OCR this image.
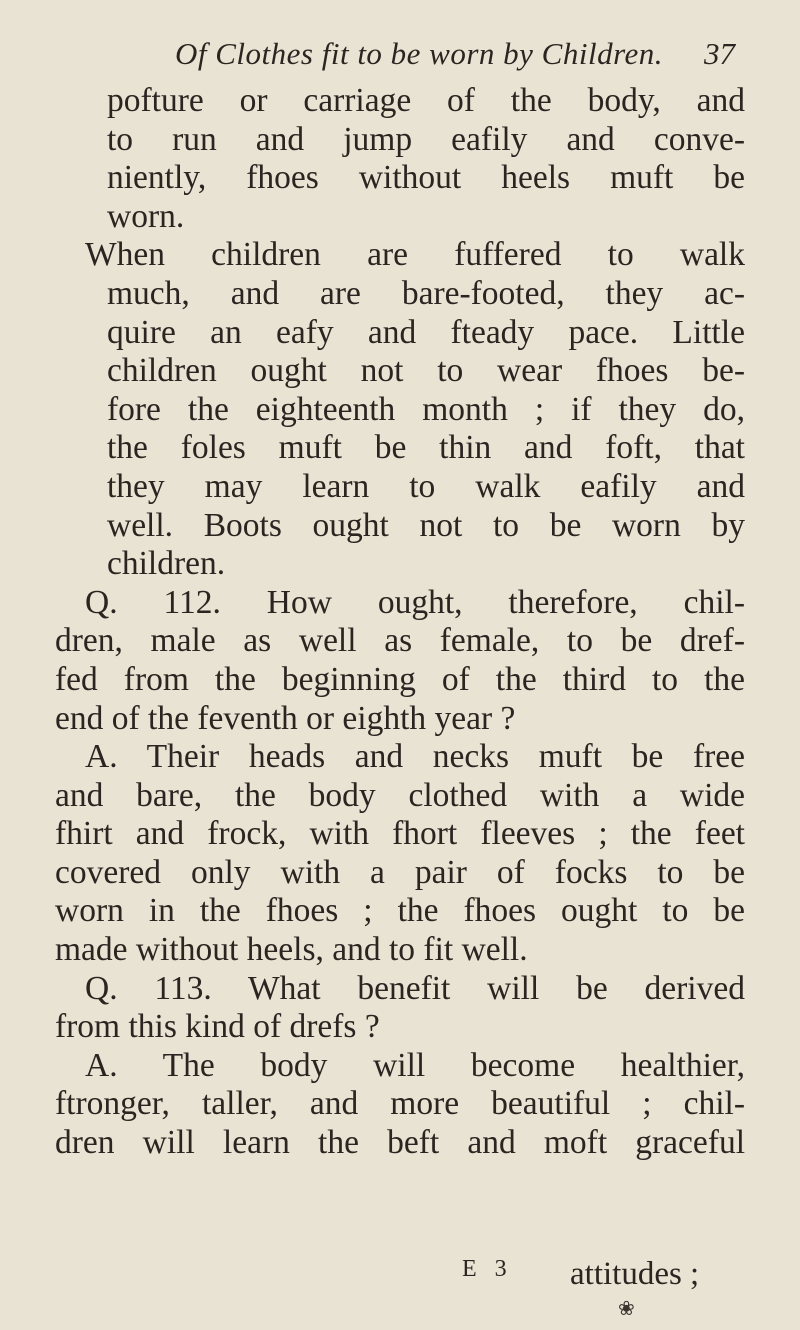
Of Clothes fit to be worn by Children. 37
pofture or carriage of the body, and
to run and jump eafily and conve-
niently, fhoes without heels muft be
worn.
When children are fuffered to walk
much, and are bare-footed, they ac-
quire an eafy and fteady pace. Little
children ought not to wear fhoes be-
fore the eighteenth month ; if they do,
the foles muft be thin and foft, that
they may learn to walk eafily and
well. Boots ought not to be worn by
children.
Q. 112. How ought, therefore, chil-
dren, male as well as female, to be dref-
fed from the beginning of the third to the
end of the feventh or eighth year ?
A. Their heads and necks muft be free
and bare, the body clothed with a wide
fhirt and frock, with fhort fleeves ; the feet
covered only with a pair of focks to be
worn in the fhoes ; the fhoes ought to be
made without heels, and to fit well.
Q. 113. What benefit will be derived
from this kind of drefs ?
A. The body will become healthier,
ftronger, taller, and more beautiful ; chil-
dren will learn the beft and moft graceful
E 3 attitudes ;
❀
